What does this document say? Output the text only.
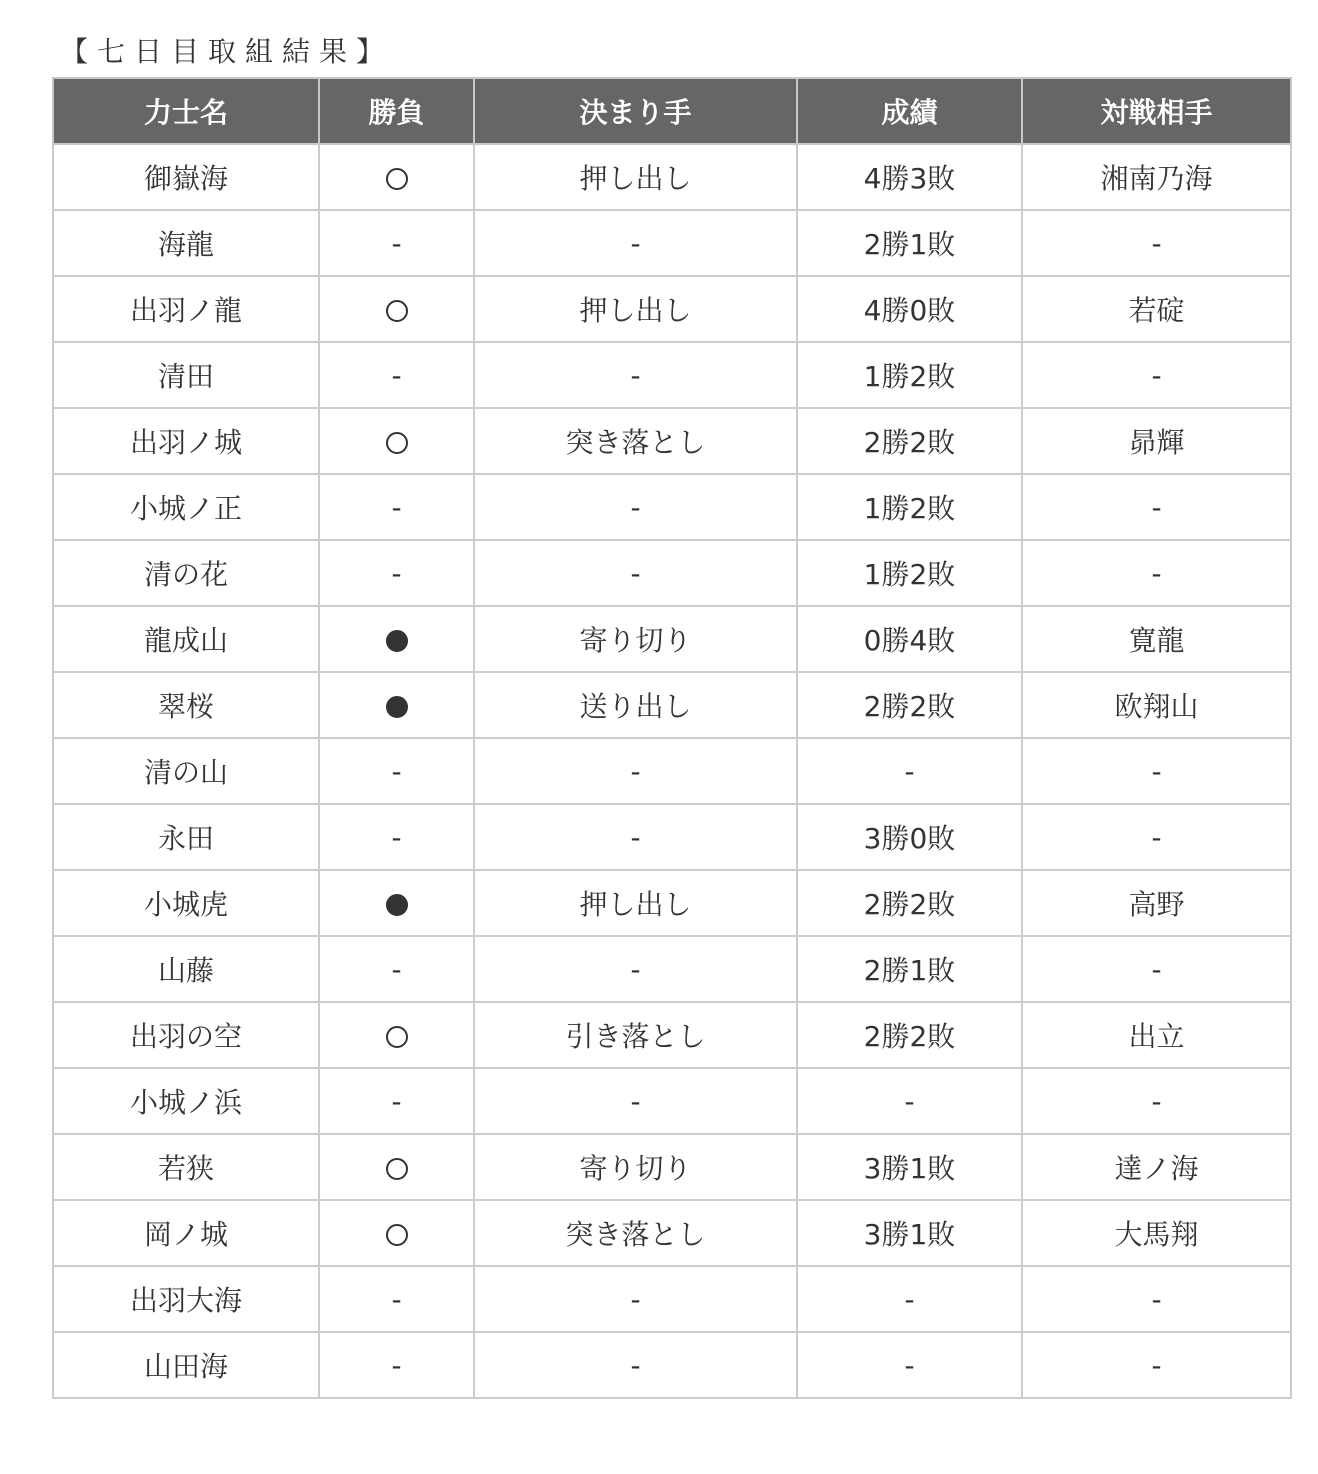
【七日目取組結果】
力士名	勝負	決まり手	成績	対戦相手
御嶽海		押し出し	4勝3敗	湘南乃海
海龍	-	-	2勝1敗	-
出羽ノ龍		押し出し	4勝0敗	若碇
清田	-	-	1勝2敗	-
出羽ノ城		突き落とし	2勝2敗	昴輝
小城ノ正	-	-	1勝2敗	-
清の花	-	-	1勝2敗	-
龍成山		寄り切り	0勝4敗	寛龍
翠桜		送り出し	2勝2敗	欧翔山
清の山	-	-	-	-
永田	-	-	3勝0敗	-
小城虎		押し出し	2勝2敗	高野
山藤	-	-	2勝1敗	-
出羽の空		引き落とし	2勝2敗	出立
小城ノ浜	-	-	-	-
若狭		寄り切り	3勝1敗	達ノ海
岡ノ城		突き落とし	3勝1敗	大馬翔
出羽大海	-	-	-	-
山田海	-	-	-	-
